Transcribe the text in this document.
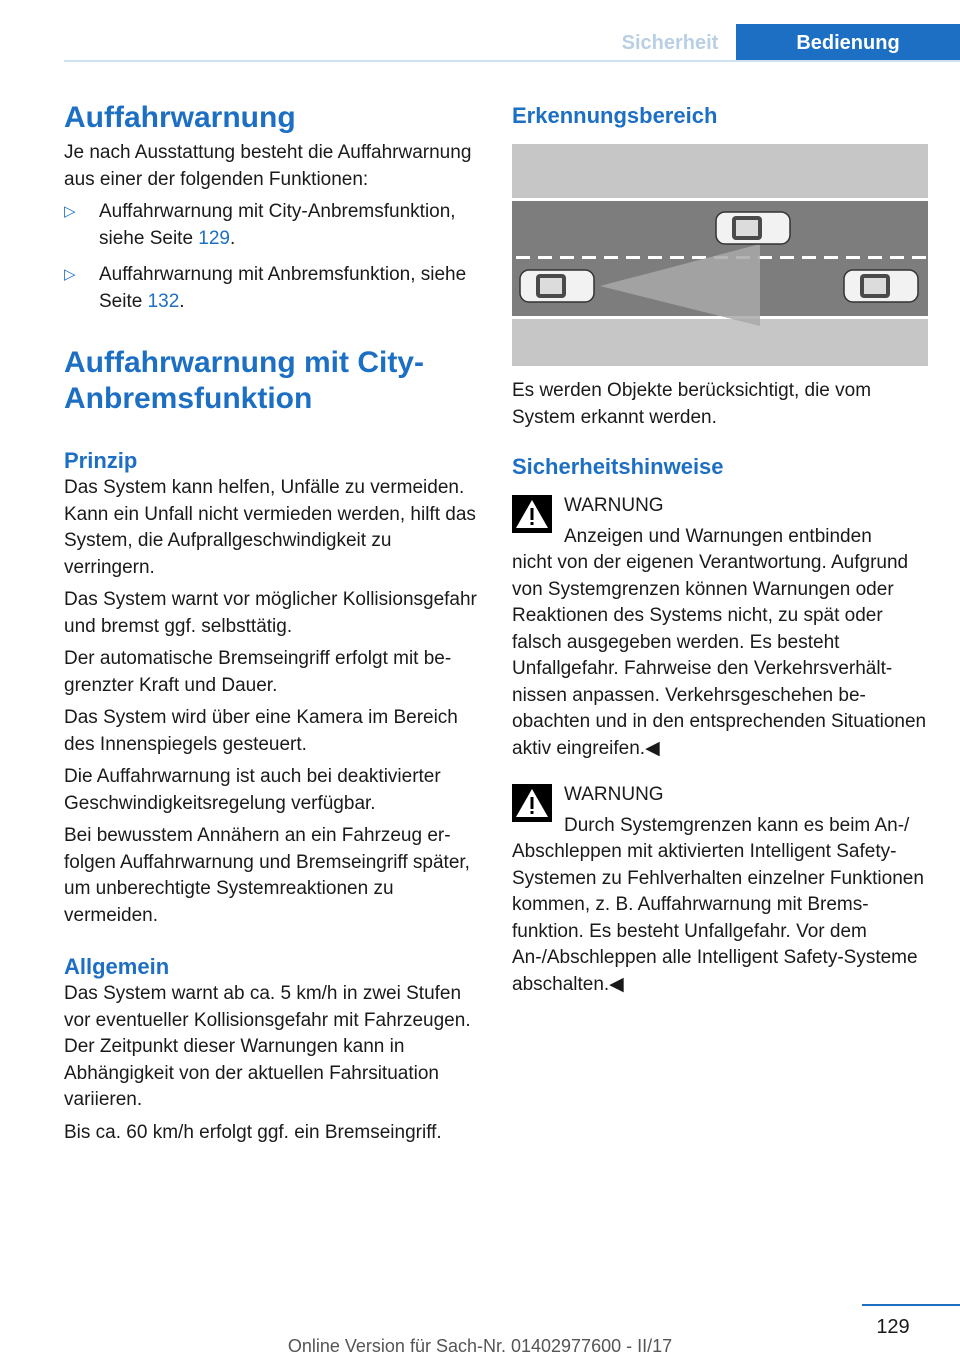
Sicherheit	Bedienung
Auffahrwarnung

Je nach Ausstattung besteht die Auffahrwarnung aus einer der folgenden Funktionen:

▷ Auffahrwarnung mit City-Anbremsfunktion, siehe Seite 129.
▷ Auffahrwarnung mit Anbremsfunktion, siehe Seite 132.
Auffahrwarnung mit City-Anbremsfunktion
Prinzip

Das System kann helfen, Unfälle zu vermeiden. Kann ein Unfall nicht vermieden werden, hilft das System, die Aufprallgeschwindigkeit zu verringern.

Das System warnt vor möglicher Kollisionsgefahr und bremst ggf. selbsttätig.

Der automatische Bremseingriff erfolgt mit begrenzter Kraft und Dauer.

Das System wird über eine Kamera im Bereich des Innenspiegels gesteuert.

Die Auffahrwarnung ist auch bei deaktivierter Geschwindigkeitsregelung verfügbar.

Bei bewusstem Annähern an ein Fahrzeug erfolgen Auffahrwarnung und Bremseingriff später, um unberechtigte Systemreaktionen zu vermeiden.

Allgemein

Das System warnt ab ca. 5 km/h in zwei Stufen vor eventueller Kollisionsgefahr mit Fahrzeugen. Der Zeitpunkt dieser Warnungen kann in Abhängigkeit von der aktuellen Fahrsituation variieren.

Bis ca. 60 km/h erfolgt ggf. ein Bremseingriff.

Erkennungsbereich

Es werden Objekte berücksichtigt, die vom System erkannt werden.

Sicherheitshinweise

WARNUNG

Anzeigen und Warnungen entbinden

nicht von der eigenen Verantwortung. Aufgrund von Systemgrenzen können Warnungen oder Reaktionen des Systems nicht, zu spät oder falsch ausgegeben werden. Es besteht Unfallgefahr. Fahrweise den Verkehrsverhältnissen anpassen. Verkehrsgeschehen beobachten und in den entsprechenden Situationen aktiv eingreifen.◀

WARNUNG

Durch Systemgrenzen kann es beim An-/

Abschleppen mit aktivierten Intelligent Safety-Systemen zu Fehlverhalten einzelner Funktionen kommen, z. B. Auffahrwarnung mit Bremsfunktion. Es besteht Unfallgefahr. Vor dem An-/Abschleppen alle Intelligent Safety-Systeme abschalten.◀

129
Online Version für Sach-Nr. 01402977600 - II/17
